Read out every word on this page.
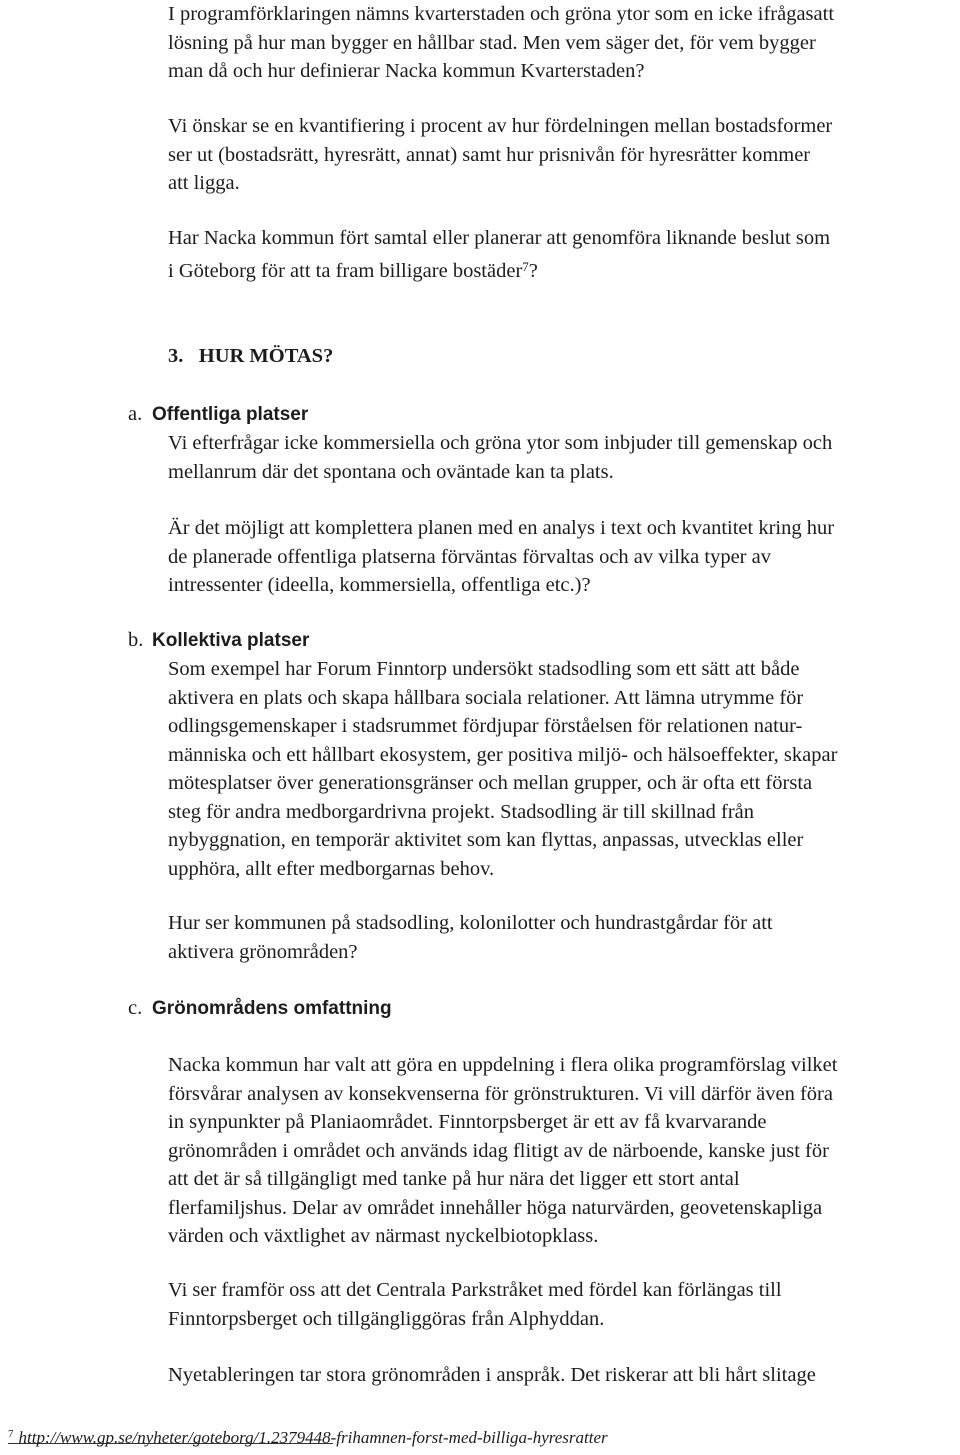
I programförklaringen nämns kvarterstaden och gröna ytor som en icke ifrågasatt
lösning på hur man bygger en hållbar stad. Men vem säger det, för vem bygger
man då och hur definierar Nacka kommun Kvarterstaden?
Vi önskar se en kvantifiering i procent av hur fördelningen mellan bostadsformer
ser ut (bostadsrätt, hyresrätt, annat) samt hur prisnivån för hyresrätter kommer
att ligga.
Har Nacka kommun fört samtal eller planerar att genomföra liknande beslut som
i Göteborg för att ta fram billigare bostäder$^7$?
3. HUR MÖTAS?
a. Offentliga platser
Vi efterfrågar icke kommersiella och gröna ytor som inbjuder till gemenskap och
mellanrum där det spontana och oväntade kan ta plats.
Är det möjligt att komplettera planen med en analys i text och kvantitet kring hur
de planerade offentliga platserna förväntas förvaltas och av vilka typer av
intressenter (ideella, kommersiella, offentliga etc.)?
b. Kollektiva platser
Som exempel har Forum Finntorp undersökt stadsodling som ett sätt att både
aktivera en plats och skapa hållbara sociala relationer. Att lämna utrymme för
odlingsgemenskaper i stadsrummet fördjupar förståelsen för relationen natur-
människa och ett hållbart ekosystem, ger positiva miljö- och hälsoeffekter, skapar
mötesplatser över generationsgränser och mellan grupper, och är ofta ett första
steg för andra medborgardrivna projekt. Stadsodling är till skillnad från
nybyggnation, en temporär aktivitet som kan flyttas, anpassas, utvecklas eller
upphöra, allt efter medborgarnas behov.
Hur ser kommunen på stadsodling, kolonilotter och hundrastgårdar för att
aktivera grönområden?
c. Grönområdens omfattning
Nacka kommun har valt att göra en uppdelning i flera olika programförslag vilket
försvårar analysen av konsekvenserna för grönstrukturen. Vi vill därför även föra
in synpunkter på Planiaområdet. Finntorpsberget är ett av få kvarvarande
grönområden i området och används idag flitigt av de närboende, kanske just för
att det är så tillgängligt med tanke på hur nära det ligger ett stort antal
flerfamiljshus. Delar av området innehåller höga naturvärden, geovetenskapliga
värden och växtlighet av närmast nyckelbiotopklass.
Vi ser framför oss att det Centrala Parkstråket med fördel kan förlängas till
Finntorpsberget och tillgängliggöras från Alphyddan.
Nyetableringen tar stora grönområden i anspråk. Det riskerar att bli hårt slitage
$^7$ http://www.gp.se/nyheter/goteborg/1.2379448-frihamnen-forst-med-billiga-hyresratter
